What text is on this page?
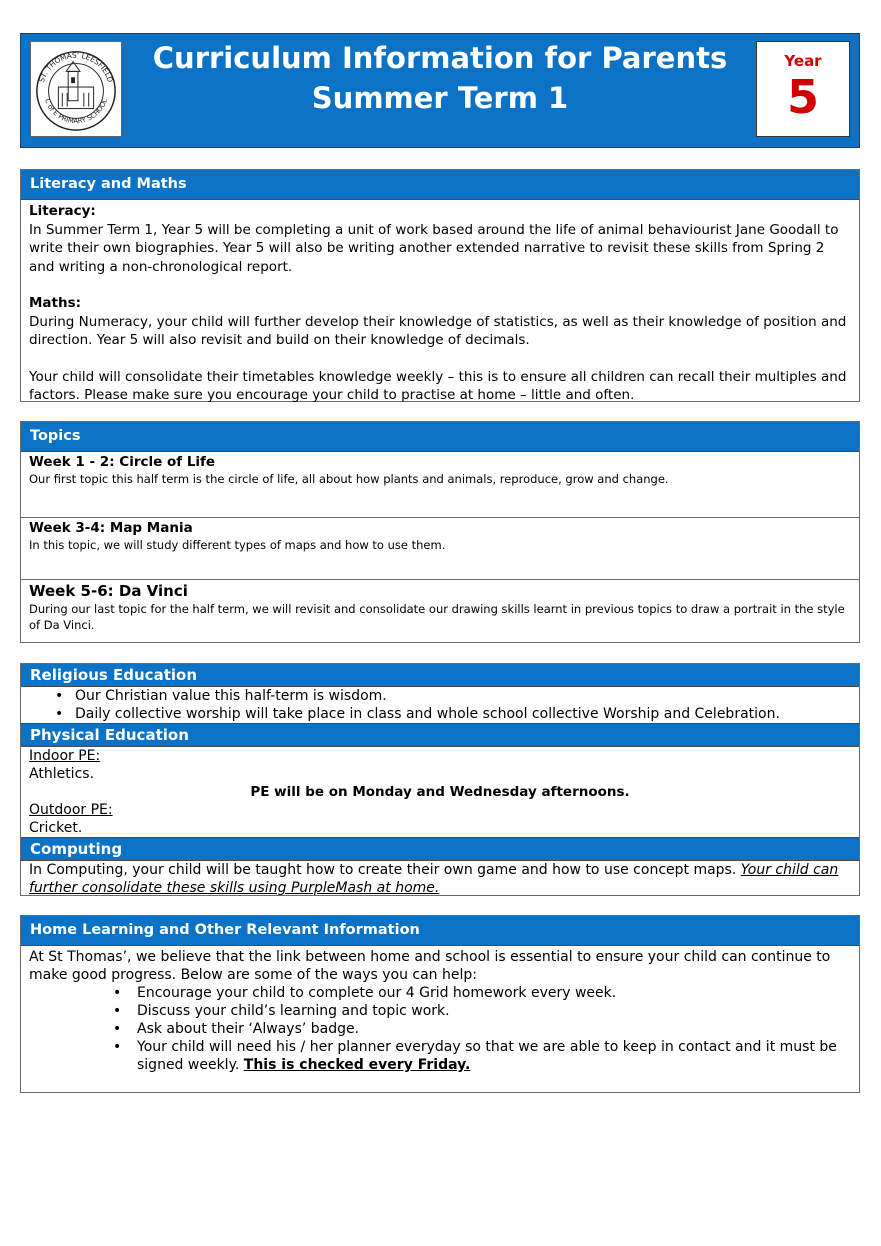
ST. THOMAS' LEESFIELD
C of E PRIMARY SCHOOL
Curriculum Information for Parents
Summer Term 1
Year
5
Literacy and Maths

Literacy:

In Summer Term 1, Year 5 will be completing a unit of work based around the life of animal behaviourist Jane Goodall to write their own biographies. Year 5 will also be writing another extended narrative to revisit these skills from Spring 2 and writing a non-chronological report.

Maths:

During Numeracy, your child will further develop their knowledge of statistics, as well as their knowledge of position and direction. Year 5 will also revisit and build on their knowledge of decimals.

Your child will consolidate their timetables knowledge weekly – this is to ensure all children can recall their multiples and factors. Please make sure you encourage your child to practise at home – little and often.

Topics
Week 1 - 2: Circle of Life
Our first topic this half term is the circle of life, all about how plants and animals, reproduce, grow and change.
Week 3-4: Map Mania
In this topic, we will study different types of maps and how to use them.
Week 5-6: Da Vinci
During our last topic for the half term, we will revisit and consolidate our drawing skills learnt in previous topics to draw a portrait in the style of Da Vinci.
Religious Education
• Our Christian value this half-term is wisdom.
• Daily collective worship will take place in class and whole school collective Worship and Celebration.
Physical Education
Indoor PE:
Athletics.
PE will be on Monday and Wednesday afternoons.
Outdoor PE:
Cricket.
Computing
In Computing, your child will be taught how to create their own game and how to use concept maps. Your child can further consolidate these skills using PurpleMash at home.
Home Learning and Other Relevant Information

At St Thomas’, we believe that the link between home and school is essential to ensure your child can continue to make good progress. Below are some of the ways you can help:

• Encourage your child to complete our 4 Grid homework every week.
• Discuss your child’s learning and topic work.
• Ask about their ‘Always’ badge.
• Your child will need his / her planner everyday so that we are able to keep in contact and it must be signed weekly. This is checked every Friday.
